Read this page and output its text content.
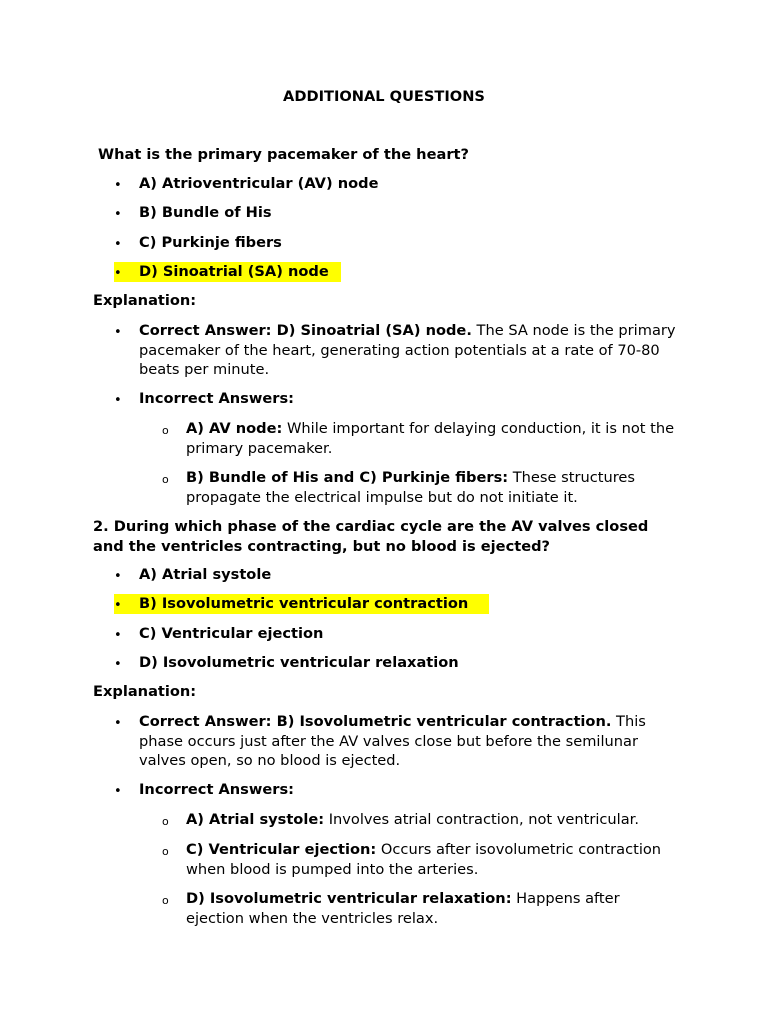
ADDITIONAL QUESTIONS
What is the primary pacemaker of the heart?
• A) Atrioventricular (AV) node
• B) Bundle of His
• C) Purkinje fibers
• D) Sinoatrial (SA) node
Explanation:
• Correct Answer: D) Sinoatrial (SA) node. The SA node is the primary pacemaker of the heart, generating action potentials at a rate of 70-80 beats per minute.
• Incorrect Answers:
o A) AV node: While important for delaying conduction, it is not the primary pacemaker.
o B) Bundle of His and C) Purkinje fibers: These structures propagate the electrical impulse but do not initiate it.
2. During which phase of the cardiac cycle are the AV valves closed and the ventricles contracting, but no blood is ejected?
• A) Atrial systole
• B) Isovolumetric ventricular contraction
• C) Ventricular ejection
• D) Isovolumetric ventricular relaxation
Explanation:
• Correct Answer: B) Isovolumetric ventricular contraction. This phase occurs just after the AV valves close but before the semilunar valves open, so no blood is ejected.
• Incorrect Answers:
o A) Atrial systole: Involves atrial contraction, not ventricular.
o C) Ventricular ejection: Occurs after isovolumetric contraction when blood is pumped into the arteries.
o D) Isovolumetric ventricular relaxation: Happens after ejection when the ventricles relax.
